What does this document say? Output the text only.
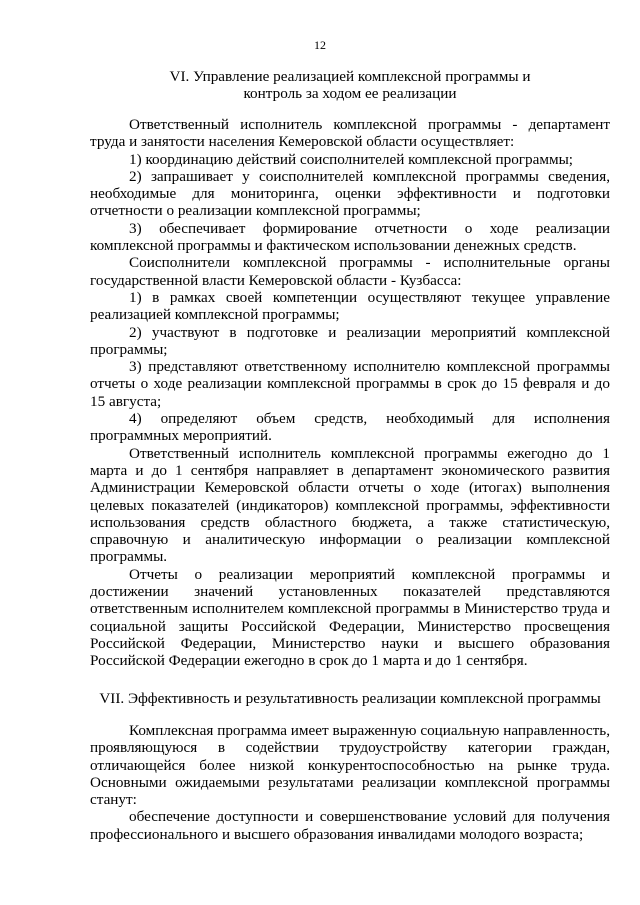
12
VI. Управление реализацией комплексной программы и
контроль за ходом ее реализации

Ответственный исполнитель комплексной программы - департамент труда и занятости населения Кемеровской области осуществляет:

1) координацию действий соисполнителей комплексной программы;

2) запрашивает у соисполнителей комплексной программы сведения, необходимые для мониторинга, оценки эффективности и подготовки отчетности о реализации комплексной программы;

3) обеспечивает формирование отчетности о ходе реализации комплексной программы и фактическом использовании денежных средств.

Соисполнители комплексной программы - исполнительные органы государственной власти Кемеровской области - Кузбасса:

1) в рамках своей компетенции осуществляют текущее управление реализацией комплексной программы;

2) участвуют в подготовке и реализации мероприятий комплексной программы;

3) представляют ответственному исполнителю комплексной программы отчеты о ходе реализации комплексной программы в срок до 15 февраля и до 15 августа;

4) определяют объем средств, необходимый для исполнения программных мероприятий.

Ответственный исполнитель комплексной программы ежегодно до 1 марта и до 1 сентября направляет в департамент экономического развития Администрации Кемеровской области отчеты о ходе (итогах) выполнения целевых показателей (индикаторов) комплексной программы, эффективности использования средств областного бюджета, а также статистическую, справочную и аналитическую информации о реализации комплексной программы.

Отчеты о реализации мероприятий комплексной программы и достижении значений установленных показателей представляются ответственным исполнителем комплексной программы в Министерство труда и социальной защиты Российской Федерации, Министерство просвещения Российской Федерации, Министерство науки и высшего образования Российской Федерации ежегодно в срок до 1 марта и до 1 сентября.

VII. Эффективность и результативность реализации комплексной программы

Комплексная программа имеет выраженную социальную направленность, проявляющуюся в содействии трудоустройству категории граждан, отличающейся более низкой конкурентоспособностью на рынке труда. Основными ожидаемыми результатами реализации комплексной программы станут:

обеспечение доступности и совершенствование условий для получения профессионального и высшего образования инвалидами молодого возраста;
